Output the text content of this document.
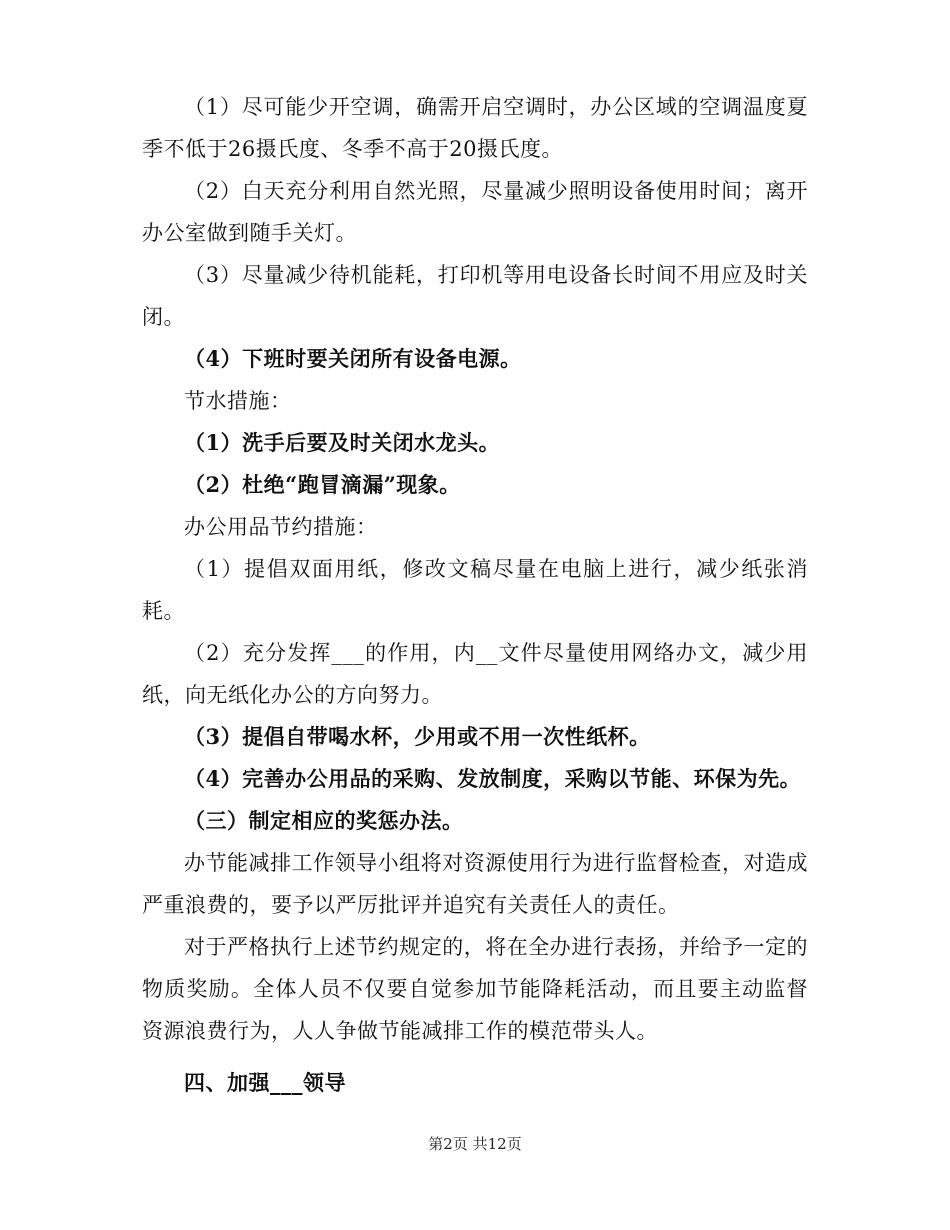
（1）尽可能少开空调，确需开启空调时，办公区域的空调温度夏季不低于26摄氏度、冬季不高于20摄氏度。

（2）白天充分利用自然光照，尽量减少照明设备使用时间；离开办公室做到随手关灯。

（3）尽量减少待机能耗，打印机等用电设备长时间不用应及时关闭。

（4）下班时要关闭所有设备电源。

节水措施：

（1）洗手后要及时关闭水龙头。

（2）杜绝“跑冒滴漏”现象。

办公用品节约措施：

（1）提倡双面用纸，修改文稿尽量在电脑上进行，减少纸张消耗。

（2）充分发挥___的作用，内__文件尽量使用网络办文，减少用纸，向无纸化办公的方向努力。

（3）提倡自带喝水杯，少用或不用一次性纸杯。

（4）完善办公用品的采购、发放制度，采购以节能、环保为先。

（三）制定相应的奖惩办法。

办节能减排工作领导小组将对资源使用行为进行监督检查，对造成严重浪费的，要予以严厉批评并追究有关责任人的责任。

对于严格执行上述节约规定的，将在全办进行表扬，并给予一定的物质奖励。全体人员不仅要自觉参加节能降耗活动，而且要主动监督资源浪费行为，人人争做节能减排工作的模范带头人。

四、加强___领导

第2页 共12页
